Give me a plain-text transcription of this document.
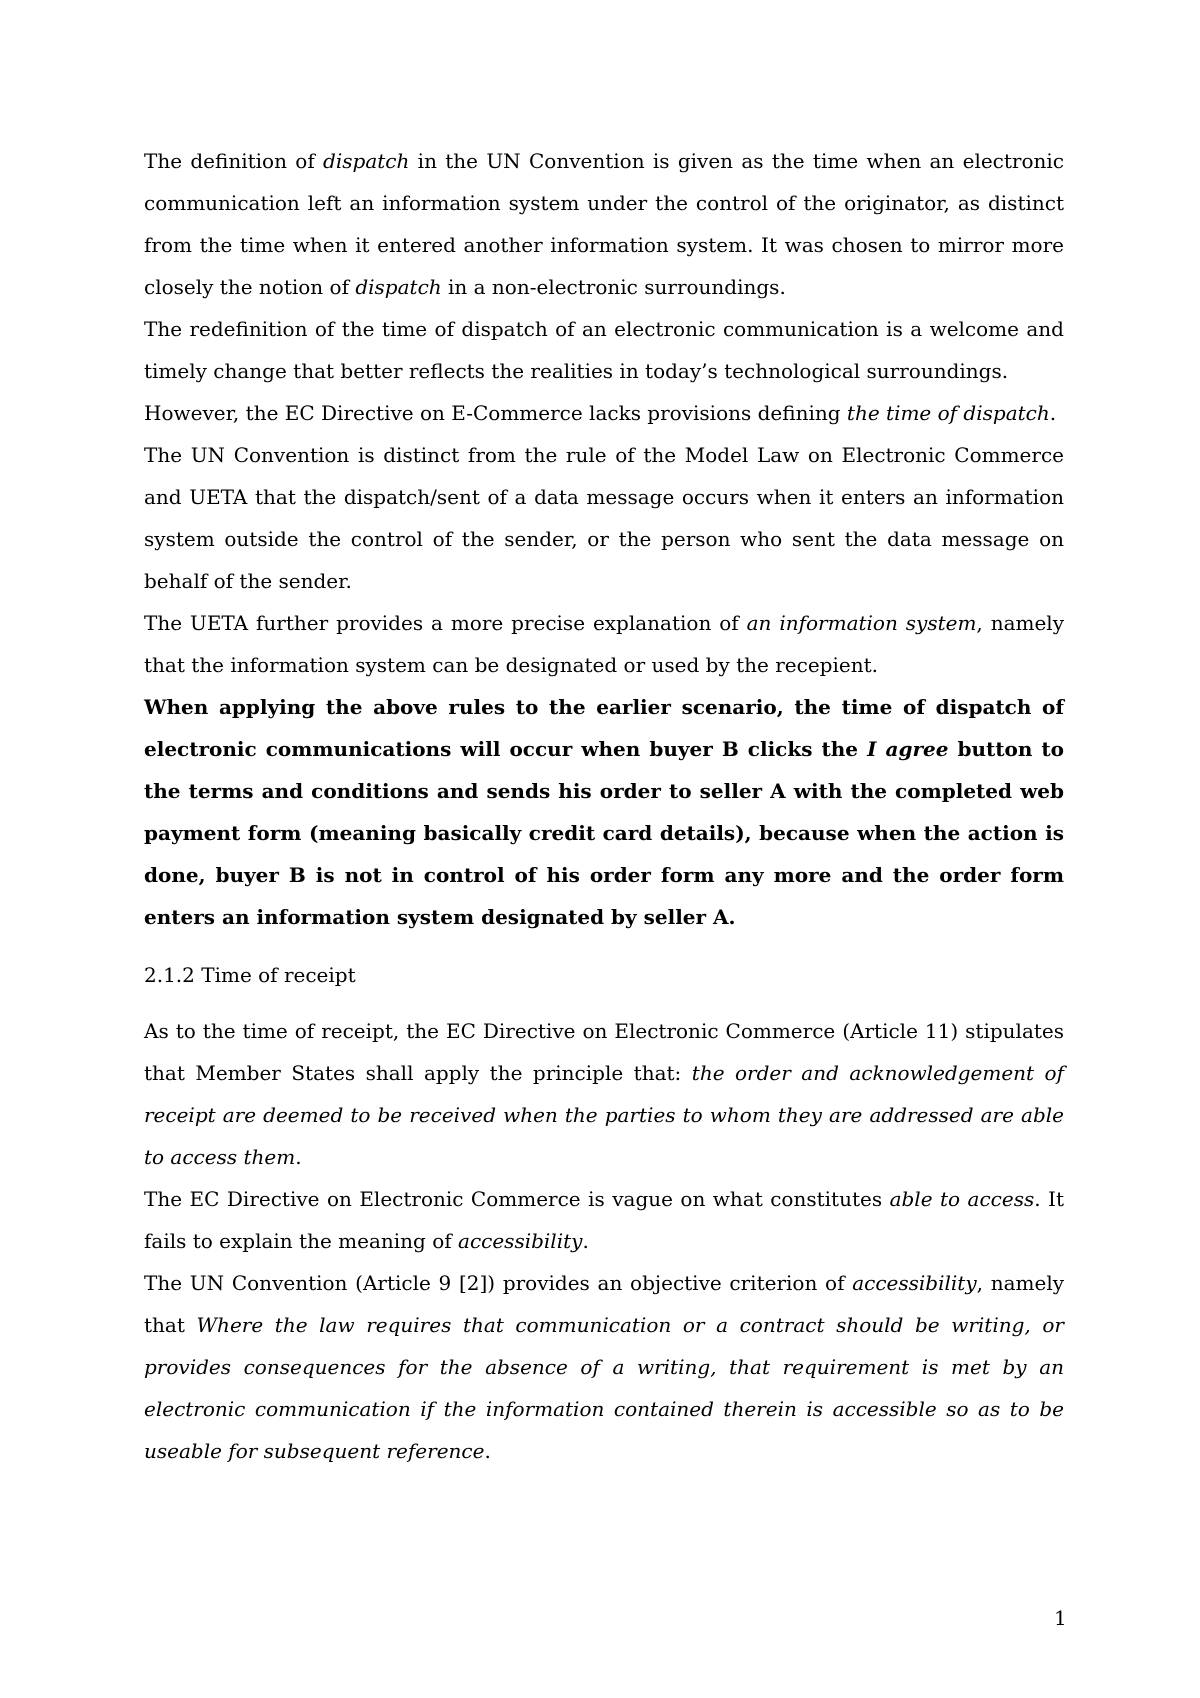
The definition of dispatch in the UN Convention is given as the time when an electronic communication left an information system under the control of the originator, as distinct from the time when it entered another information system. It was chosen to mirror more closely the notion of dispatch in a non-electronic surroundings.

The redefinition of the time of dispatch of an electronic communication is a welcome and timely change that better reflects the realities in today’s technological surroundings.

However, the EC Directive on E-Commerce lacks provisions defining the time of dispatch.

The UN Convention is distinct from the rule of the Model Law on Electronic Commerce and UETA that the dispatch/sent of a data message occurs when it enters an information system outside the control of the sender, or the person who sent the data message on behalf of the sender.

The UETA further provides a more precise explanation of an information system, namely that the information system can be designated or used by the recepient.

When applying the above rules to the earlier scenario, the time of dispatch of electronic communications will occur when buyer B clicks the I agree button to the terms and conditions and sends his order to seller A with the completed web payment form (meaning basically credit card details), because when the action is done, buyer B is not in control of his order form any more and the order form enters an information system designated by seller A.

2.1.2 Time of receipt

As to the time of receipt, the EC Directive on Electronic Commerce (Article 11) stipulates that Member States shall apply the principle that: the order and acknowledgement of receipt are deemed to be received when the parties to whom they are addressed are able to access them.

The EC Directive on Electronic Commerce is vague on what constitutes able to access. It fails to explain the meaning of accessibility.

The UN Convention (Article 9 [2]) provides an objective criterion of accessibility, namely that Where the law requires that communication or a contract should be writing, or provides consequences for the absence of a writing, that requirement is met by an electronic communication if the information contained therein is accessible so as to be useable for subsequent reference.

1
